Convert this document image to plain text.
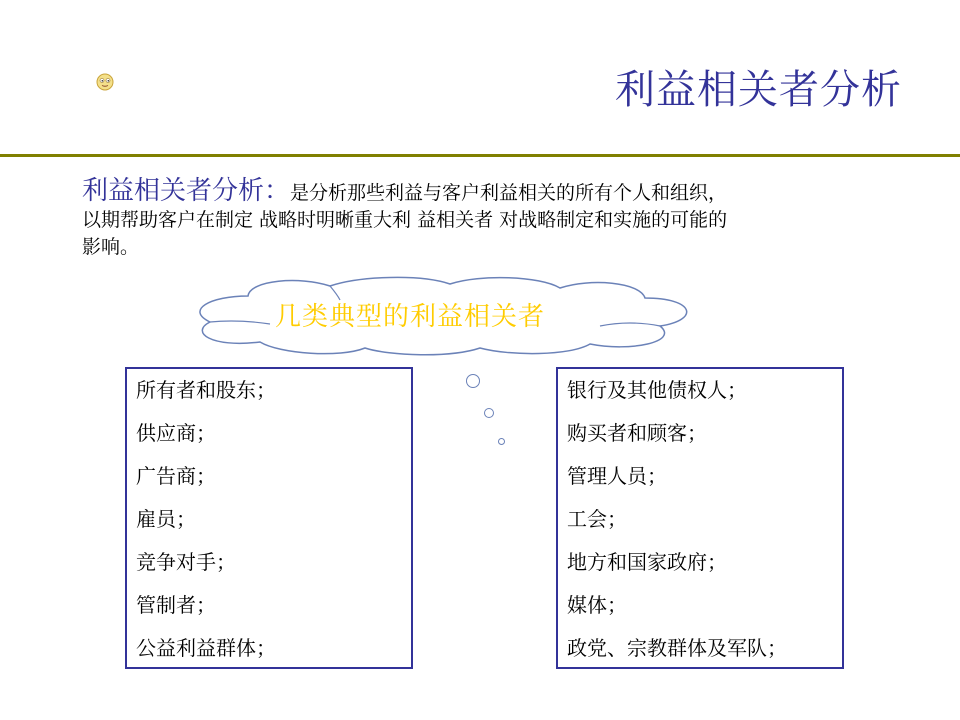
利益相关者分析
利益相关者分析：是分析那些利益与客户利益相关的所有个人和组织，
以期帮助客户在制定 战略时明晰重大利 益相关者 对战略制定和实施的可能的
影响。
几类典型的利益相关者
所有者和股东；
供应商；
广告商；
雇员；
竞争对手；
管制者；
公益利益群体；
银行及其他债权人；
购买者和顾客；
管理人员；
工会；
地方和国家政府；
媒体；
政党、宗教群体及军队；
